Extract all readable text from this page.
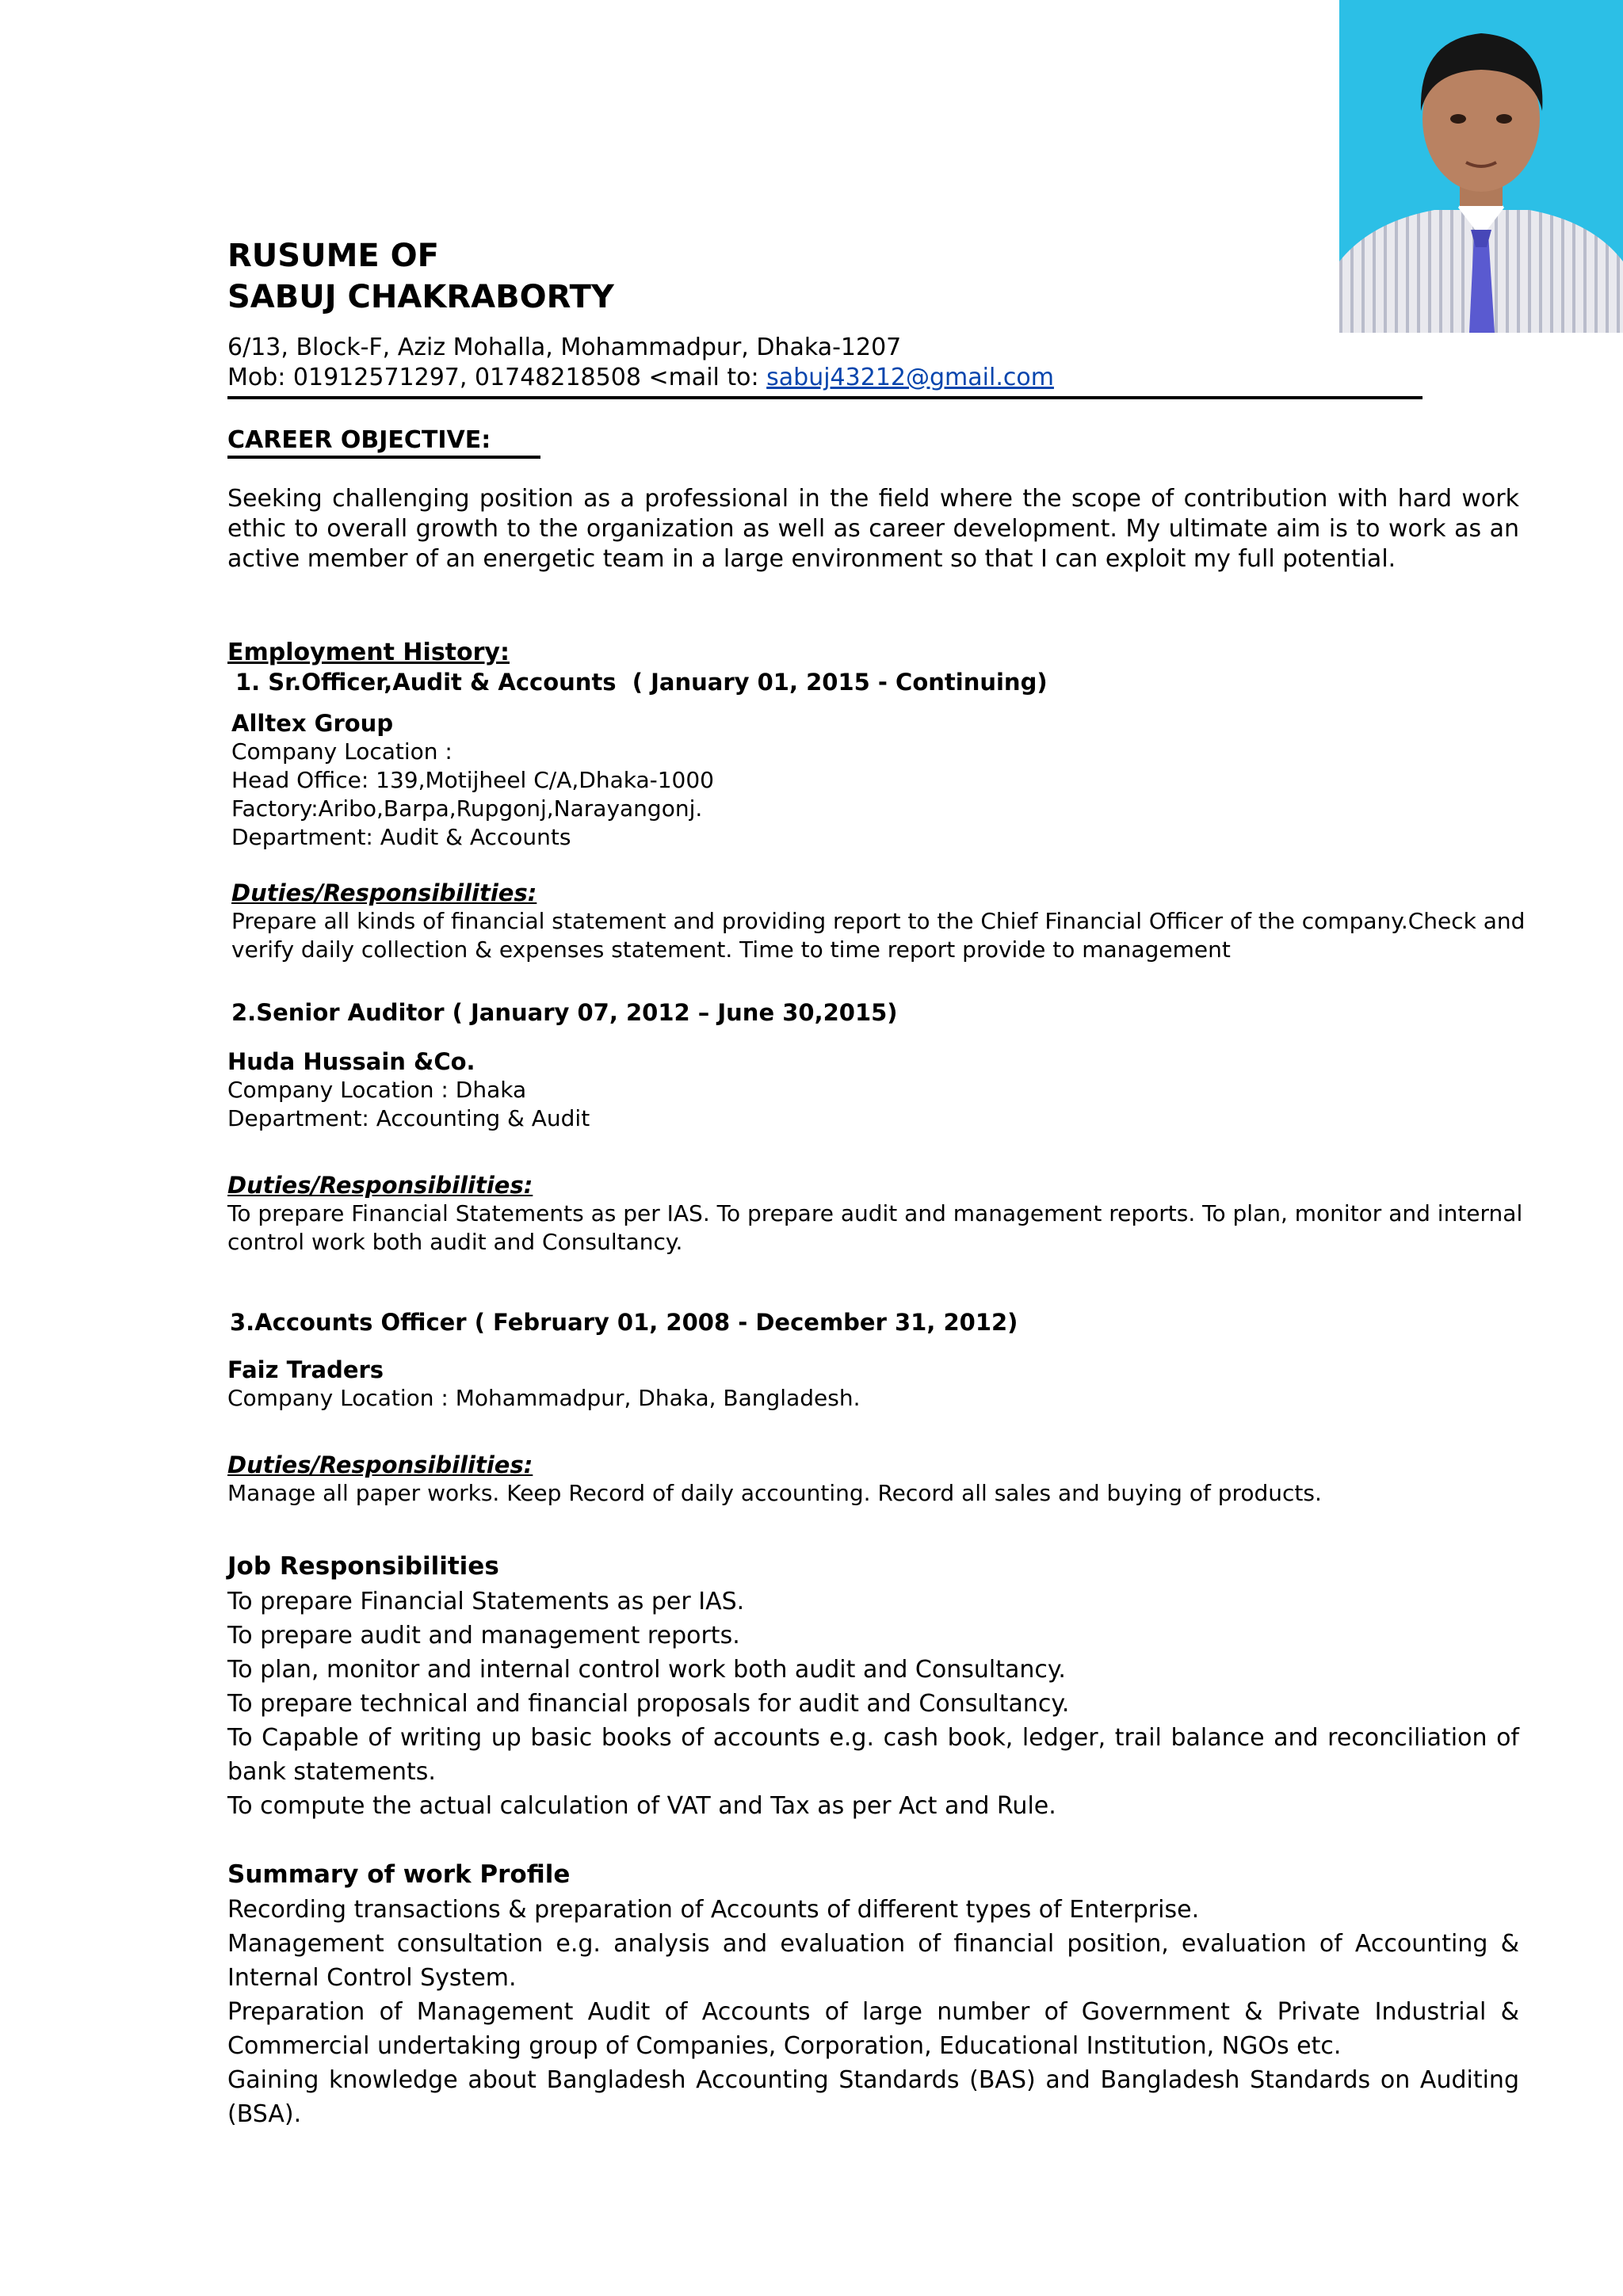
RUSUME OF
SABUJ CHAKRABORTY
6/13, Block-F, Aziz Mohalla, Mohammadpur, Dhaka-1207
Mob: 01912571297, 01748218508 <mail to: sabuj43212@gmail.com
CAREER OBJECTIVE:

Seeking challenging position as a professional in the field where the scope of contribution with hard work ethic to overall growth to the organization as well as career development. My ultimate aim is to work as an active member of an energetic team in a large environment so that I can exploit my full potential.

Employment History:
1. Sr.Officer,Audit & Accounts  ( January 01, 2015 - Continuing)
Alltex Group
Company Location :
Head Office: 139,Motijheel C/A,Dhaka-1000
Factory:Aribo,Barpa,Rupgonj,Narayangonj.
Department: Audit & Accounts
Duties/Responsibilities:

Prepare all kinds of financial statement and providing report to the Chief Financial Officer of the company.Check and verify daily collection & expenses statement. Time to time report provide to management

2.Senior Auditor ( January 07, 2012 – June 30,2015)
Huda Hussain &Co.
Company Location : Dhaka
Department: Accounting & Audit
Duties/Responsibilities:

To prepare Financial Statements as per IAS. To prepare audit and management reports. To plan, monitor and internal control work both audit and Consultancy.

3.Accounts Officer ( February 01, 2008 - December 31, 2012)
Faiz Traders
Company Location : Mohammadpur, Dhaka, Bangladesh.
Duties/Responsibilities:

Manage all paper works. Keep Record of daily accounting. Record all sales and buying of products.

Job Responsibilities

To prepare Financial Statements as per IAS.

To prepare audit and management reports.

To plan, monitor and internal control work both audit and Consultancy.

To prepare technical and financial proposals for audit and Consultancy.

To Capable of writing up basic books of accounts e.g. cash book, ledger, trail balance and reconciliation of bank statements.

To compute the actual calculation of VAT and Tax as per Act and Rule.

Summary of work Profile

Recording transactions & preparation of Accounts of different types of Enterprise.

Management consultation e.g. analysis and evaluation of financial position, evaluation of Accounting & Internal Control System.

Preparation of Management Audit of Accounts of large number of Government & Private Industrial & Commercial undertaking group of Companies, Corporation, Educational Institution, NGOs etc.

Gaining knowledge about Bangladesh Accounting Standards (BAS) and Bangladesh Standards on Auditing (BSA).
